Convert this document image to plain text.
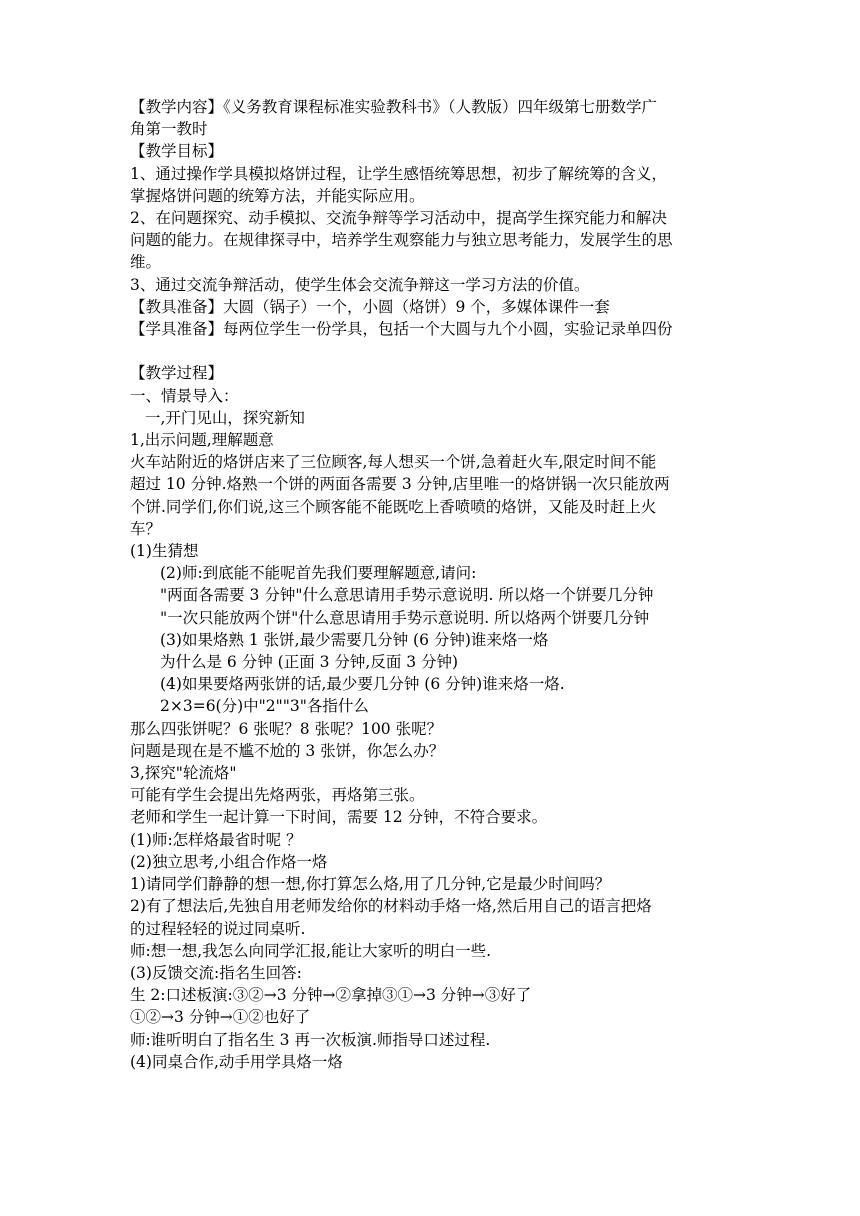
【教学内容】《义务教育课程标准实验教科书》（人教版）四年级第七册数学广
角第一教时
【教学目标】
1、通过操作学具模拟烙饼过程，让学生感悟统筹思想，初步了解统筹的含义，
掌握烙饼问题的统筹方法，并能实际应用。
2、在问题探究、动手模拟、交流争辩等学习活动中，提高学生探究能力和解决
问题的能力。在规律探寻中，培养学生观察能力与独立思考能力，发展学生的思
维。
3、通过交流争辩活动，使学生体会交流争辩这一学习方法的价值。
【教具准备】大圆（锅子）一个，小圆（烙饼）9 个，多媒体课件一套
【学具准备】每两位学生一份学具，包括一个大圆与九个小圆，实验记录单四份
【教学过程】
一、情景导入：
一,开门见山，探究新知
1,出示问题,理解题意
火车站附近的烙饼店来了三位顾客,每人想买一个饼,急着赶火车,限定时间不能
超过 10 分钟.烙熟一个饼的两面各需要 3 分钟,店里唯一的烙饼锅一次只能放两
个饼.同学们,你们说,这三个顾客能不能既吃上香喷喷的烙饼，又能及时赶上火
车？
(1)生猜想
(2)师:到底能不能呢首先我们要理解题意,请问:
"两面各需要 3 分钟"什么意思请用手势示意说明. 所以烙一个饼要几分钟
"一次只能放两个饼"什么意思请用手势示意说明. 所以烙两个饼要几分钟
(3)如果烙熟 1 张饼,最少需要几分钟 (6 分钟)谁来烙一烙
为什么是 6 分钟 (正面 3 分钟,反面 3 分钟)
(4)如果要烙两张饼的话,最少要几分钟 (6 分钟)谁来烙一烙.
2×3=6(分)中"2""3"各指什么
那么四张饼呢？6 张呢？8 张呢？100 张呢？
问题是现在是不尴不尬的 3 张饼，你怎么办？
3,探究"轮流烙"
可能有学生会提出先烙两张，再烙第三张。
老师和学生一起计算一下时间，需要 12 分钟，不符合要求。
(1)师:怎样烙最省时呢 ？
(2)独立思考,小组合作烙一烙
1)请同学们静静的想一想,你打算怎么烙,用了几分钟,它是最少时间吗？
2)有了想法后,先独自用老师发给你的材料动手烙一烙,然后用自己的语言把烙
的过程轻轻的说过同桌听.
师:想一想,我怎么向同学汇报,能让大家听的明白一些.
(3)反馈交流:指名生回答:
生 2:口述板演:③②→3 分钟→②拿掉③①→3 分钟→③好了
①②→3 分钟→①②也好了
师:谁听明白了指名生 3 再一次板演.师指导口述过程.
(4)同桌合作,动手用学具烙一烙
